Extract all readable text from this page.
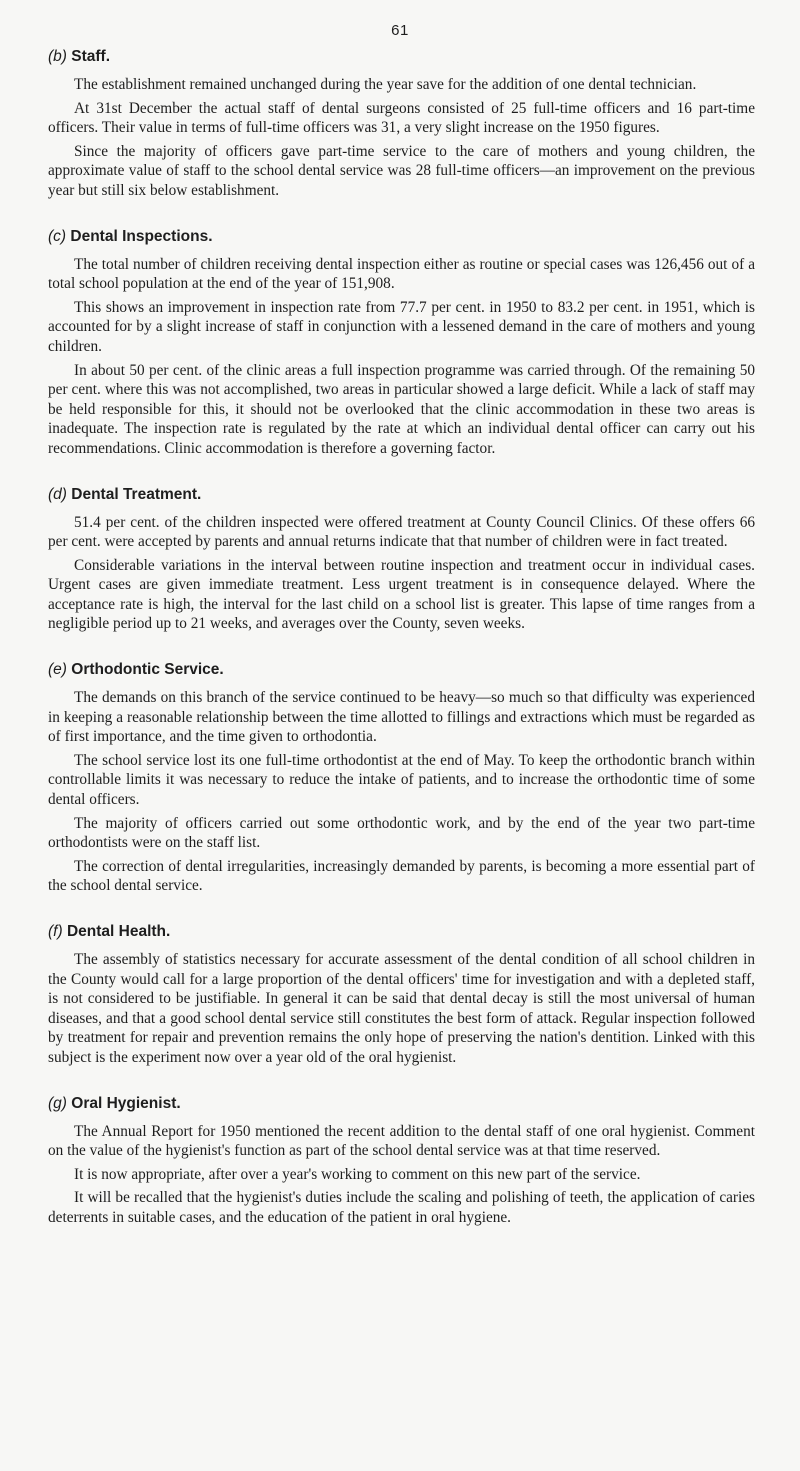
61
(b) Staff.

The establishment remained unchanged during the year save for the addition of one dental technician.

At 31st December the actual staff of dental surgeons consisted of 25 full-time officers and 16 part-time officers. Their value in terms of full-time officers was 31, a very slight increase on the 1950 figures.

Since the majority of officers gave part-time service to the care of mothers and young children, the approximate value of staff to the school dental service was 28 full-time officers—an improvement on the previous year but still six below establishment.

(c) Dental Inspections.

The total number of children receiving dental inspection either as routine or special cases was 126,456 out of a total school population at the end of the year of 151,908.

This shows an improvement in inspection rate from 77.7 per cent. in 1950 to 83.2 per cent. in 1951, which is accounted for by a slight increase of staff in conjunction with a lessened demand in the care of mothers and young children.

In about 50 per cent. of the clinic areas a full inspection programme was carried through. Of the remaining 50 per cent. where this was not accomplished, two areas in particular showed a large deficit. While a lack of staff may be held responsible for this, it should not be overlooked that the clinic accommodation in these two areas is inadequate. The inspection rate is regulated by the rate at which an individual dental officer can carry out his recommendations. Clinic accommodation is therefore a governing factor.

(d) Dental Treatment.

51.4 per cent. of the children inspected were offered treatment at County Council Clinics. Of these offers 66 per cent. were accepted by parents and annual returns indicate that that number of children were in fact treated.

Considerable variations in the interval between routine inspection and treatment occur in individual cases. Urgent cases are given immediate treatment. Less urgent treatment is in consequence delayed. Where the acceptance rate is high, the interval for the last child on a school list is greater. This lapse of time ranges from a negligible period up to 21 weeks, and averages over the County, seven weeks.

(e) Orthodontic Service.

The demands on this branch of the service continued to be heavy—so much so that difficulty was experienced in keeping a reasonable relationship between the time allotted to fillings and extractions which must be regarded as of first importance, and the time given to orthodontia.

The school service lost its one full-time orthodontist at the end of May. To keep the orthodontic branch within controllable limits it was necessary to reduce the intake of patients, and to increase the orthodontic time of some dental officers.

The majority of officers carried out some orthodontic work, and by the end of the year two part-time orthodontists were on the staff list.

The correction of dental irregularities, increasingly demanded by parents, is becoming a more essential part of the school dental service.

(f) Dental Health.

The assembly of statistics necessary for accurate assessment of the dental condition of all school children in the County would call for a large proportion of the dental officers' time for investigation and with a depleted staff, is not considered to be justifiable. In general it can be said that dental decay is still the most universal of human diseases, and that a good school dental service still constitutes the best form of attack. Regular inspection followed by treatment for repair and prevention remains the only hope of preserving the nation's dentition. Linked with this subject is the experiment now over a year old of the oral hygienist.

(g) Oral Hygienist.

The Annual Report for 1950 mentioned the recent addition to the dental staff of one oral hygienist. Comment on the value of the hygienist's function as part of the school dental service was at that time reserved.

It is now appropriate, after over a year's working to comment on this new part of the service.

It will be recalled that the hygienist's duties include the scaling and polishing of teeth, the application of caries deterrents in suitable cases, and the education of the patient in oral hygiene.
